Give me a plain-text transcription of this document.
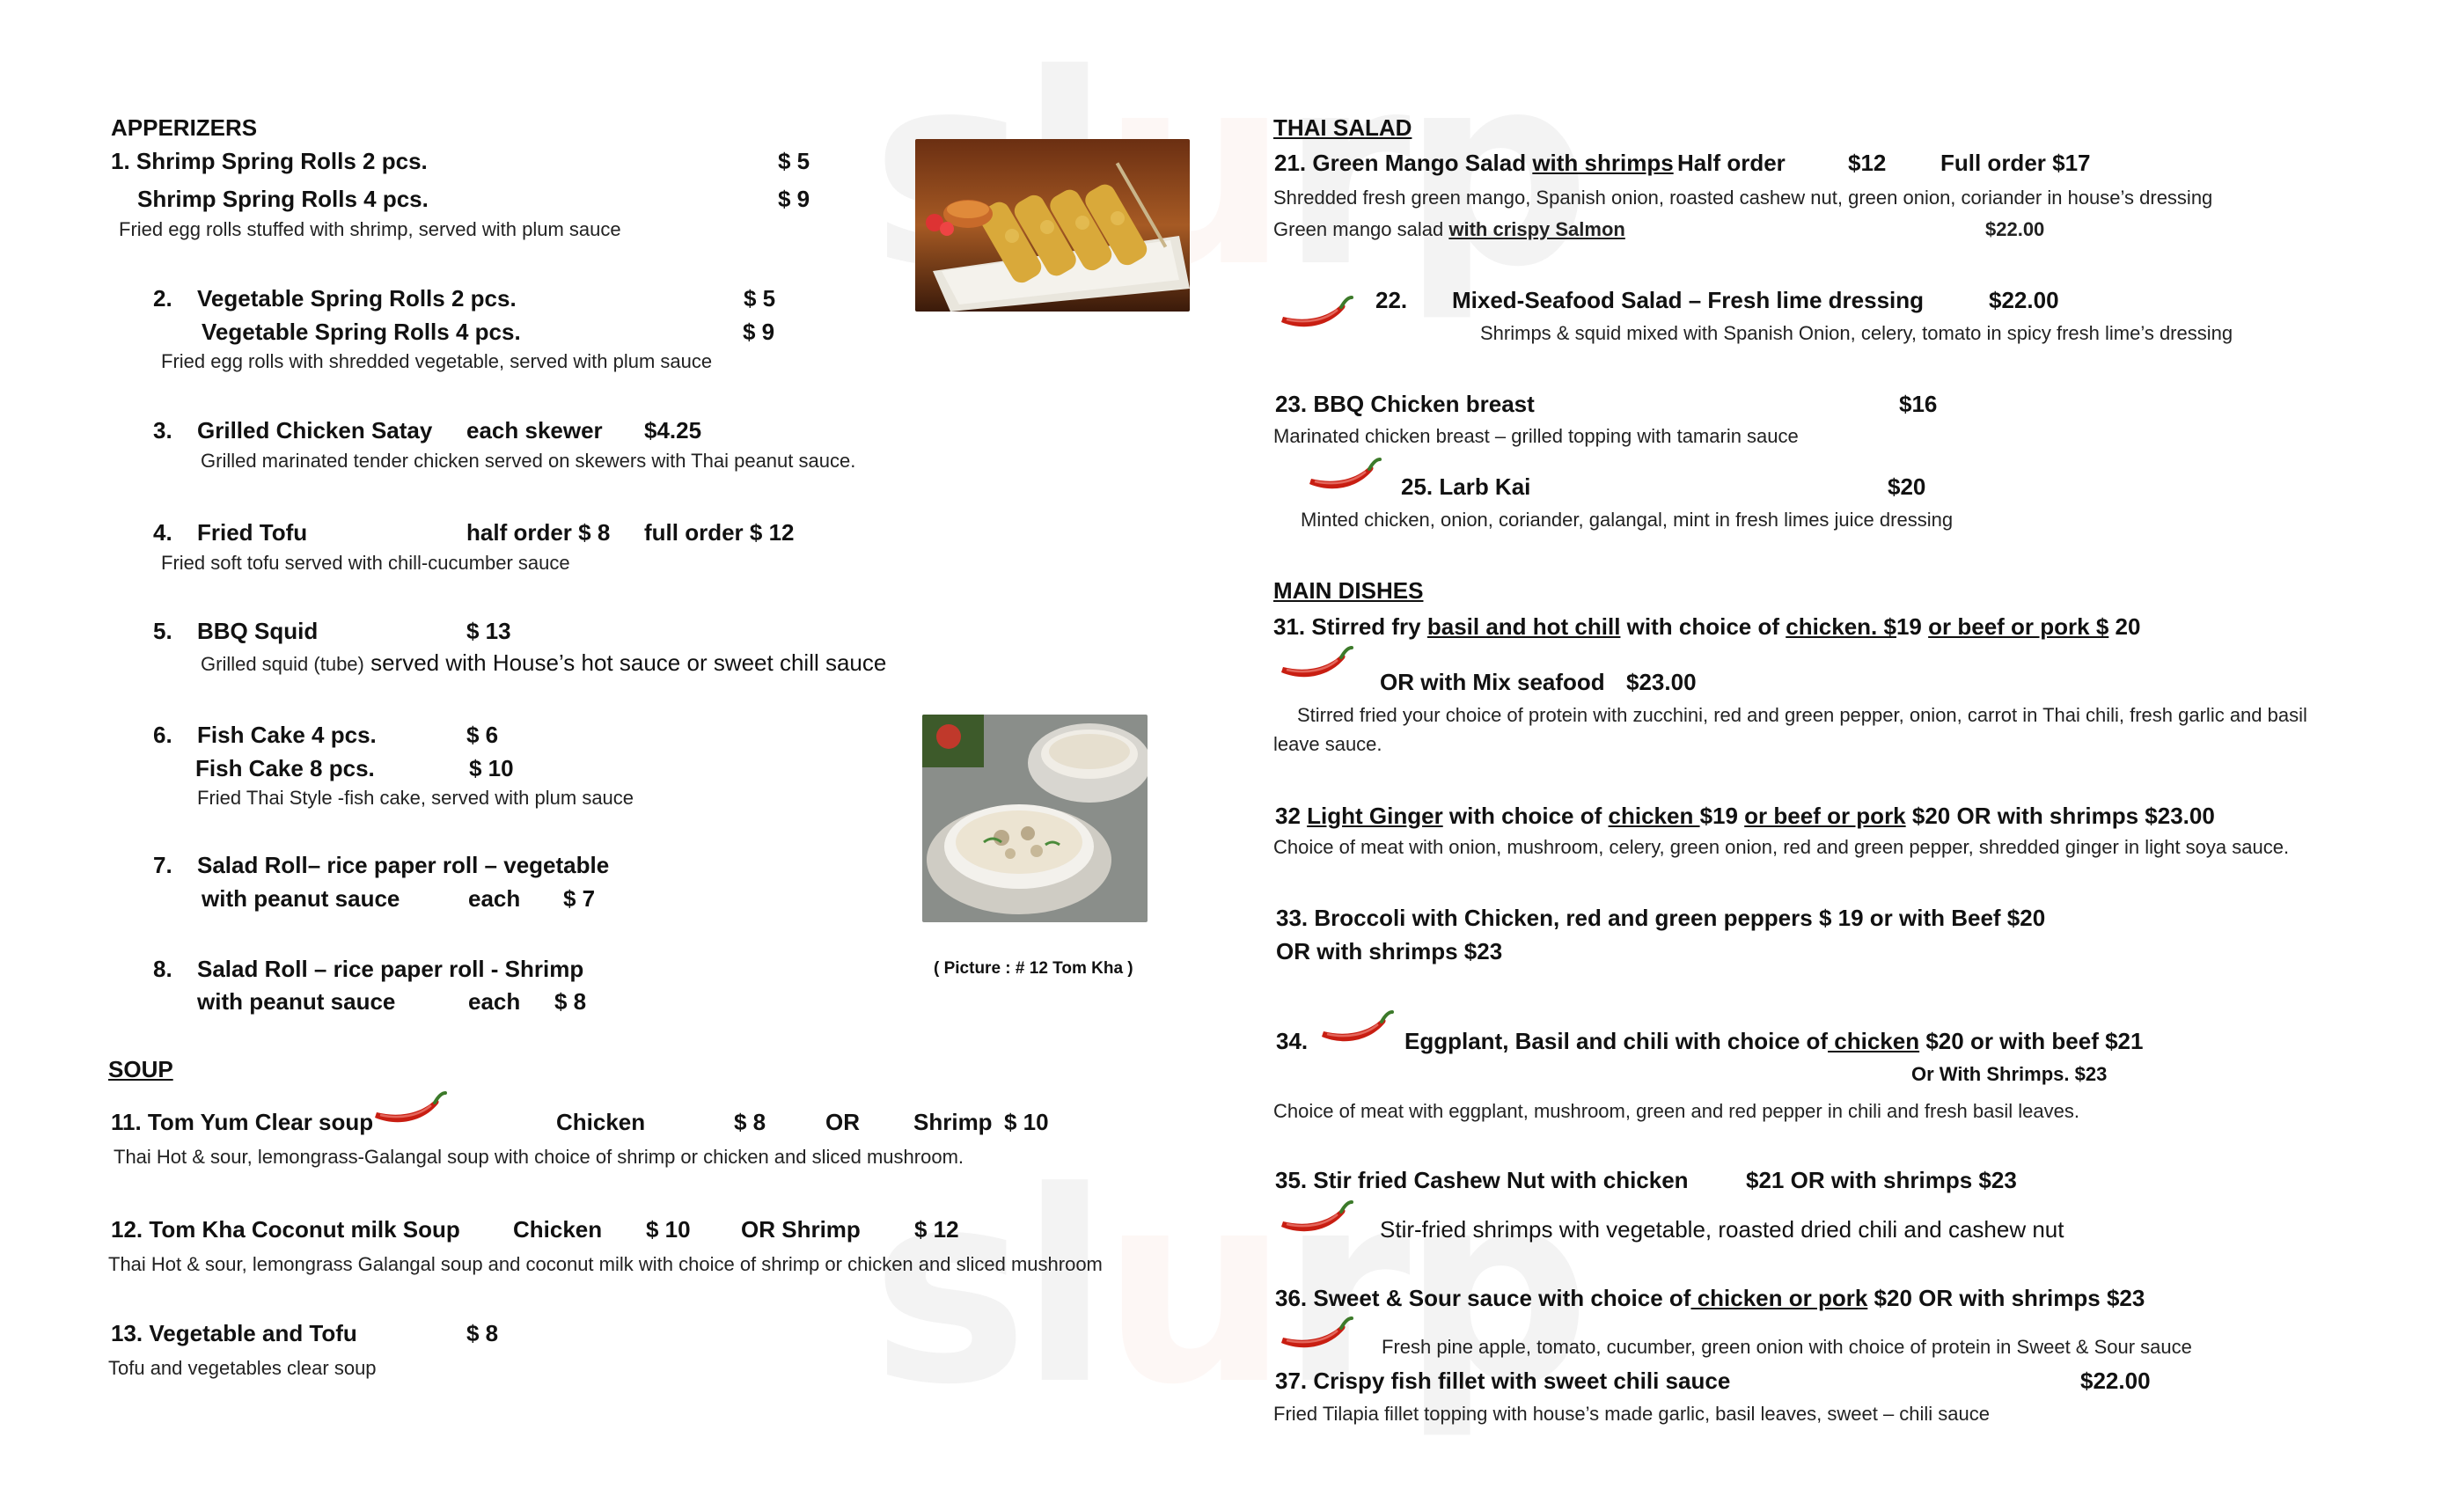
APPERIZERS
1. Shrimp Spring Rolls 2 pcs.	$ 5
Shrimp Spring Rolls 4 pcs.	$ 9
Fried egg rolls stuffed with shrimp, served with plum sauce
2. Vegetable Spring Rolls 2 pcs.	$ 5
Vegetable Spring Rolls 4 pcs.	$ 9
Fried egg rolls with shredded vegetable, served with plum sauce
3. Grilled Chicken Satay each skewer $4.25
Grilled marinated tender chicken served on skewers with Thai peanut sauce.
4. Fried Tofu	half order $ 8 full order $ 12
Fried soft tofu served with chill-cucumber sauce
5. BBQ Squid	$ 13
Grilled squid (tube) served with House’s hot sauce or sweet chill sauce
6. Fish Cake 4 pcs.	$ 6
Fish Cake 8 pcs.	$ 10
Fried Thai Style -fish cake, served with plum sauce
7. Salad Roll– rice paper roll – vegetable
with peanut sauce	each $ 7
8. Salad Roll – rice paper roll - Shrimp
with peanut sauce	each $ 8
( Picture : # 12 Tom Kha )
SOUP
11. Tom Yum Clear soup	Chicken	$ 8	OR Shrimp $ 10
Thai Hot & sour, lemongrass-Galangal soup with choice of shrimp or chicken and sliced mushroom.
12. Tom Kha Coconut milk Soup Chicken $ 10 OR Shrimp $ 12
Thai Hot & sour, lemongrass Galangal soup and coconut milk with choice of shrimp or chicken and sliced mushroom
13. Vegetable and Tofu	$ 8
Tofu and vegetables clear soup
THAI SALAD
21. Green Mango Salad with shrimps Half order	$12 Full order $17
Shredded fresh green mango, Spanish onion, roasted cashew nut, green onion, coriander in house’s dressing
Green mango salad with crispy Salmon	$22.00
22. Mixed-Seafood Salad – Fresh lime dressing	$22.00
Shrimps & squid mixed with Spanish Onion, celery, tomato in spicy fresh lime’s dressing
23. BBQ Chicken breast	$16
Marinated chicken breast – grilled topping with tamarin sauce
25. Larb Kai	$20
Minted chicken, onion, coriander, galangal, mint in fresh limes juice dressing
MAIN DISHES
31. Stirred fry basil and hot chill with choice of chicken. $19 or beef or pork $ 20
OR with Mix seafood $23.00
Stirred fried your choice of protein with zucchini, red and green pepper, onion, carrot in Thai chili, fresh garlic and basil
leave sauce.
32 Light Ginger with choice of chicken $19 or beef or pork $20 OR with shrimps $23.00
Choice of meat with onion, mushroom, celery, green onion, red and green pepper, shredded ginger in light soya sauce.
33. Broccoli with Chicken, red and green peppers $ 19 or with Beef $20
OR with shrimps $23
34.	Eggplant, Basil and chili with choice of chicken $20 or with beef $21
Or With Shrimps. $23
Choice of meat with eggplant, mushroom, green and red pepper in chili and fresh basil leaves.
35. Stir fried Cashew Nut with chicken	$21 OR with shrimps $23
Stir-fried shrimps with vegetable, roasted dried chili and cashew nut
36. Sweet & Sour sauce with choice of chicken or pork $20 OR with shrimps $23
Fresh pine apple, tomato, cucumber, green onion with choice of protein in Sweet & Sour sauce
37. Crispy fish fillet with sweet chili sauce	$22.00
Fried Tilapia fillet topping with house’s made garlic, basil leaves, sweet – chili sauce
